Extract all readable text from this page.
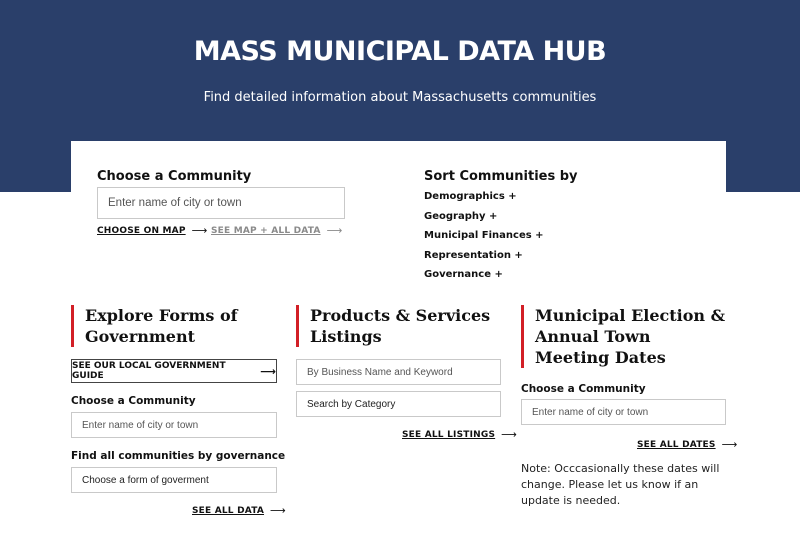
MASS MUNICIPAL DATA HUB
Find detailed information about Massachusetts communities
Choose a Community
Enter name of city or town
CHOOSE ON MAP ⟶ SEE MAP + ALL DATA ⟶
Sort Communities by
Demographics +
Geography +
Municipal Finances +
Representation +
Governance +
Explore Forms of Government
SEE OUR LOCAL GOVERNMENT GUIDE	⟶
Choose a Community
Enter name of city or town
Find all communities by governance
Choose a form of goverment
SEE ALL DATA ⟶
Products & Services Listings
By Business Name and Keyword
Search by Category
SEE ALL LISTINGS ⟶
Municipal Election & Annual Town Meeting Dates
Choose a Community
Enter name of city or town
SEE ALL DATES ⟶
Note: Occcasionally these dates will change. Please let us know if an update is needed.
